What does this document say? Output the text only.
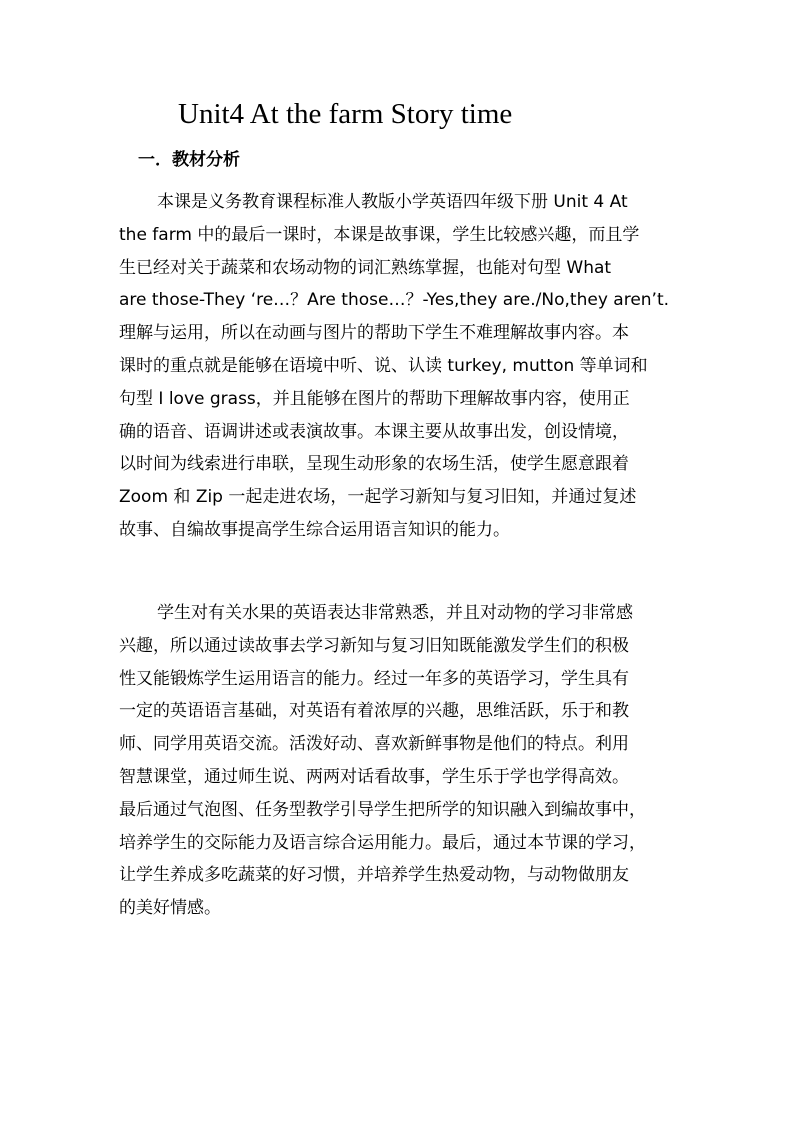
Unit4 At the farm Story time
一．教材分析
本课是义务教育课程标准人教版小学英语四年级下册 Unit 4 At
the farm 中的最后一课时，本课是故事课，学生比较感兴趣，而且学
生已经对关于蔬菜和农场动物的词汇熟练掌握，也能对句型 What
are those-They ‘re…？Are those…？-Yes,they are./No,they aren’t.
理解与运用，所以在动画与图片的帮助下学生不难理解故事内容。本
课时的重点就是能够在语境中听、说、认读 turkey, mutton 等单词和
句型 I love grass，并且能够在图片的帮助下理解故事内容，使用正
确的语音、语调讲述或表演故事。本课主要从故事出发，创设情境，
以时间为线索进行串联，呈现生动形象的农场生活，使学生愿意跟着
Zoom 和 Zip 一起走进农场，一起学习新知与复习旧知，并通过复述
故事、自编故事提高学生综合运用语言知识的能力。
学生对有关水果的英语表达非常熟悉，并且对动物的学习非常感
兴趣，所以通过读故事去学习新知与复习旧知既能激发学生们的积极
性又能锻炼学生运用语言的能力。经过一年多的英语学习，学生具有
一定的英语语言基础，对英语有着浓厚的兴趣，思维活跃，乐于和教
师、同学用英语交流。活泼好动、喜欢新鲜事物是他们的特点。利用
智慧课堂，通过师生说、两两对话看故事，学生乐于学也学得高效。
最后通过气泡图、任务型教学引导学生把所学的知识融入到编故事中，
培养学生的交际能力及语言综合运用能力。最后，通过本节课的学习，
让学生养成多吃蔬菜的好习惯，并培养学生热爱动物，与动物做朋友
的美好情感。
